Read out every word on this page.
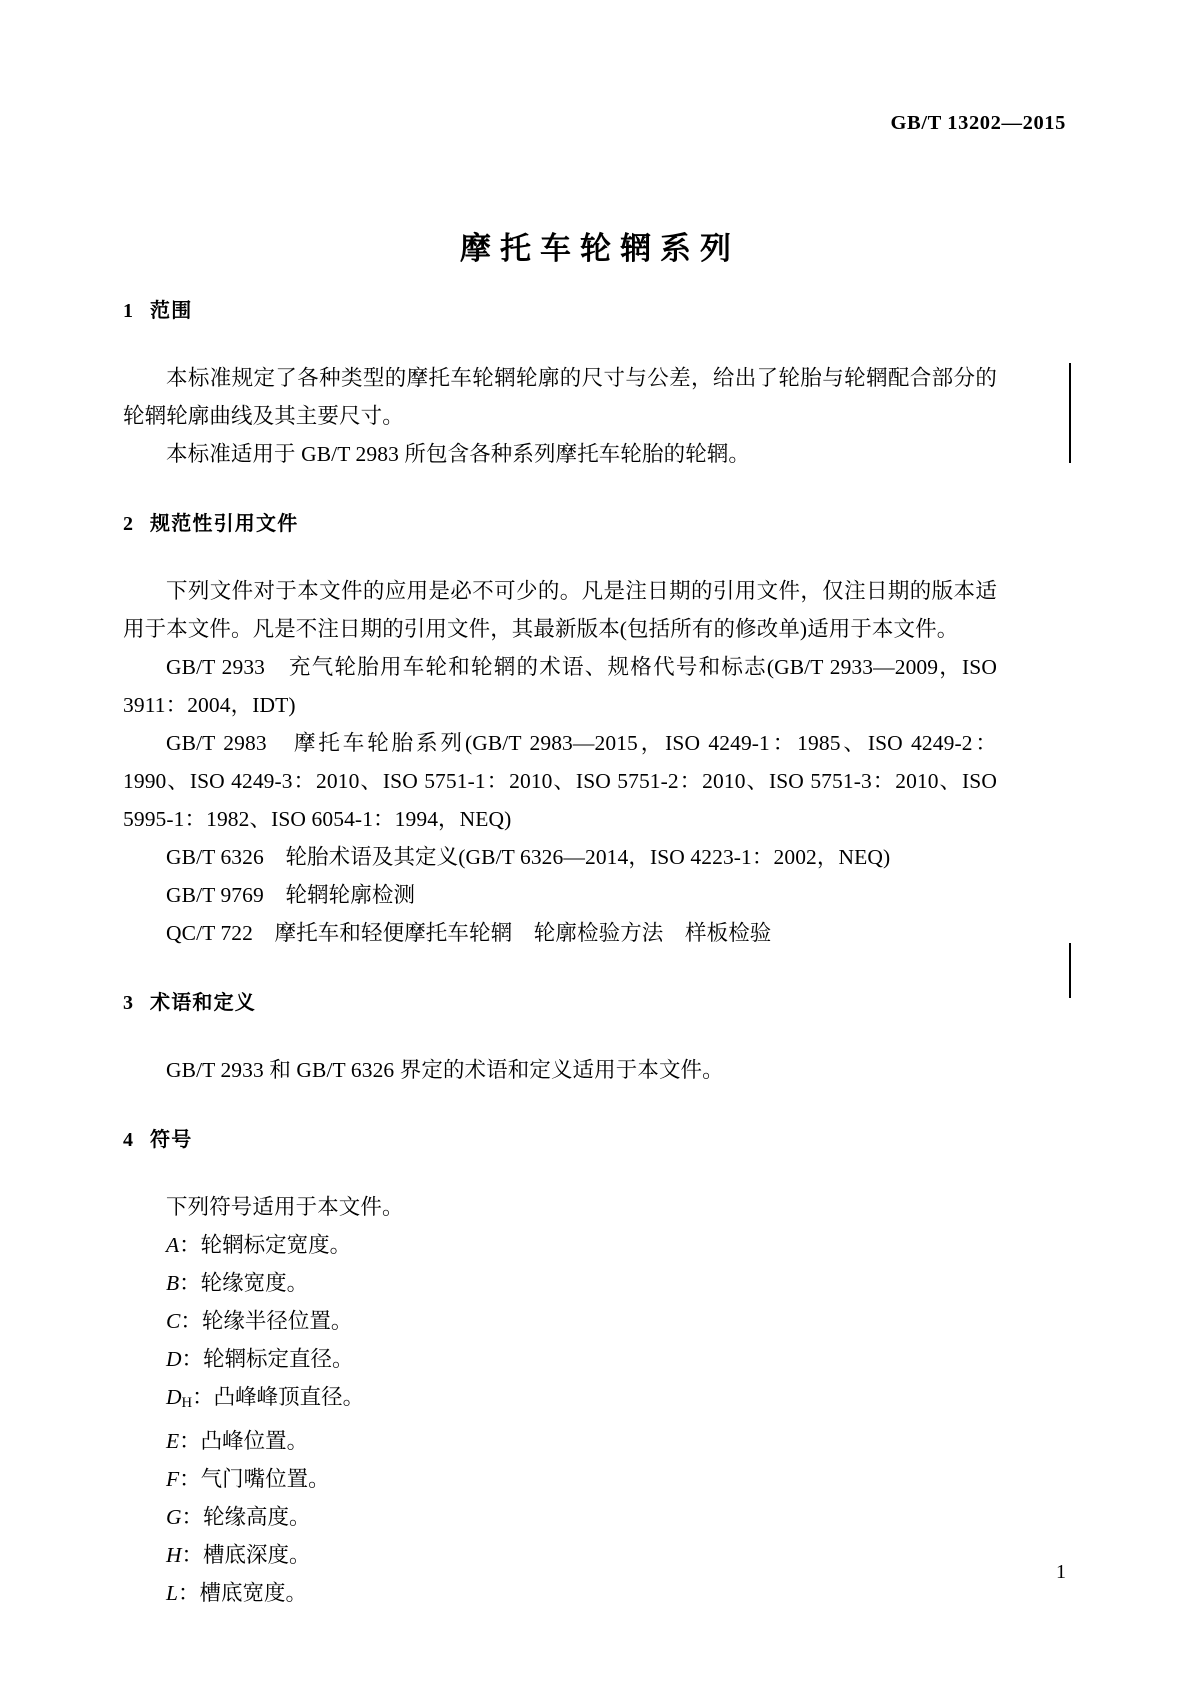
GB/T 13202—2015
摩托车轮辋系列
1 范围

本标准规定了各种类型的摩托车轮辋轮廓的尺寸与公差，给出了轮胎与轮辋配合部分的轮辋轮廓曲线及其主要尺寸。

本标准适用于 GB/T 2983 所包含各种系列摩托车轮胎的轮辋。

2 规范性引用文件

下列文件对于本文件的应用是必不可少的。凡是注日期的引用文件，仅注日期的版本适用于本文件。凡是不注日期的引用文件，其最新版本(包括所有的修改单)适用于本文件。

GB/T 2933　充气轮胎用车轮和轮辋的术语、规格代号和标志(GB/T 2933—2009，ISO 3911：2004，IDT)

GB/T 2983　摩托车轮胎系列(GB/T 2983—2015，ISO 4249-1：1985、ISO 4249-2：1990、ISO 4249-3：2010、ISO 5751-1：2010、ISO 5751-2：2010、ISO 5751-3：2010、ISO 5995-1：1982、ISO 6054-1：1994，NEQ)

GB/T 6326　轮胎术语及其定义(GB/T 6326—2014，ISO 4223-1：2002，NEQ)

GB/T 9769　轮辋轮廓检测

QC/T 722　摩托车和轻便摩托车轮辋　轮廓检验方法　样板检验

3 术语和定义

GB/T 2933 和 GB/T 6326 界定的术语和定义适用于本文件。

4 符号

下列符号适用于本文件。

A：轮辋标定宽度。

B：轮缘宽度。

C：轮缘半径位置。

D：轮辋标定直径。

$D_H$：凸峰峰顶直径。

E：凸峰位置。

F：气门嘴位置。

G：轮缘高度。

H：槽底深度。

L：槽底宽度。

1
